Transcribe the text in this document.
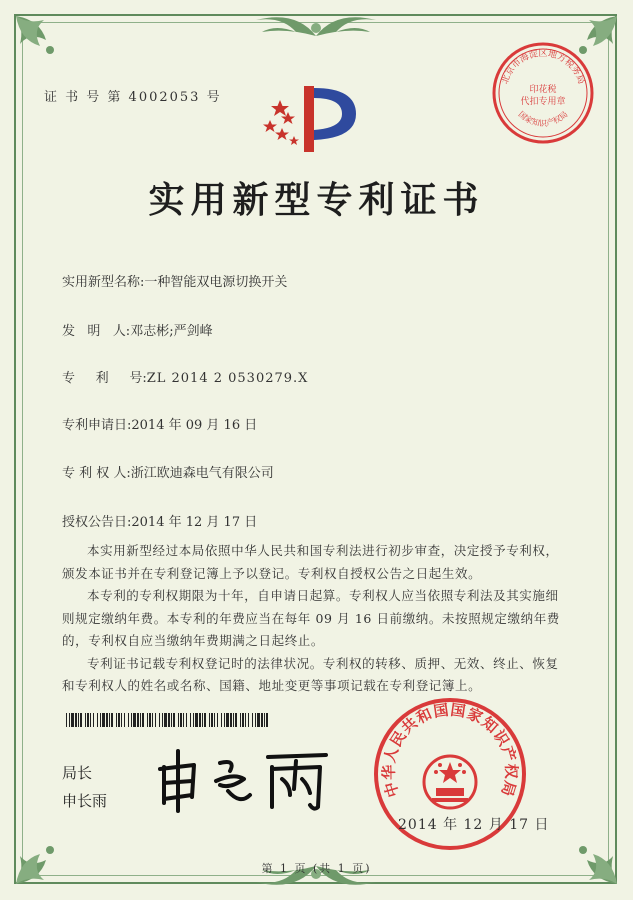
证 书 号 第 4002053 号
北京市海淀区地方税务局
印花税
代扣专用章
国家知识产权局
实用新型专利证书
实用新型名称:一种智能双电源切换开关
发   明   人:邓志彬;严剑峰
专     利     号:ZL 2014 2 0530279.X
专利申请日:2014 年 09 月 16 日
专 利 权 人:浙江欧迪森电气有限公司
授权公告日:2014 年 12 月 17 日

本实用新型经过本局依照中华人民共和国专利法进行初步审查，决定授予专利权，颁发本证书并在专利登记簿上予以登记。专利权自授权公告之日起生效。

本专利的专利权期限为十年，自申请日起算。专利权人应当依照专利法及其实施细则规定缴纳年费。本专利的年费应当在每年 09 月 16 日前缴纳。未按照规定缴纳年费的，专利权自应当缴纳年费期满之日起终止。

专利证书记载专利权登记时的法律状况。专利权的转移、质押、无效、终止、恢复和专利权人的姓名或名称、国籍、地址变更等事项记载在专利登记簿上。

局长
申长雨
中华人民共和国国家知识产权局
2014 年 12 月 17 日
第 1 页 (共 1 页)
